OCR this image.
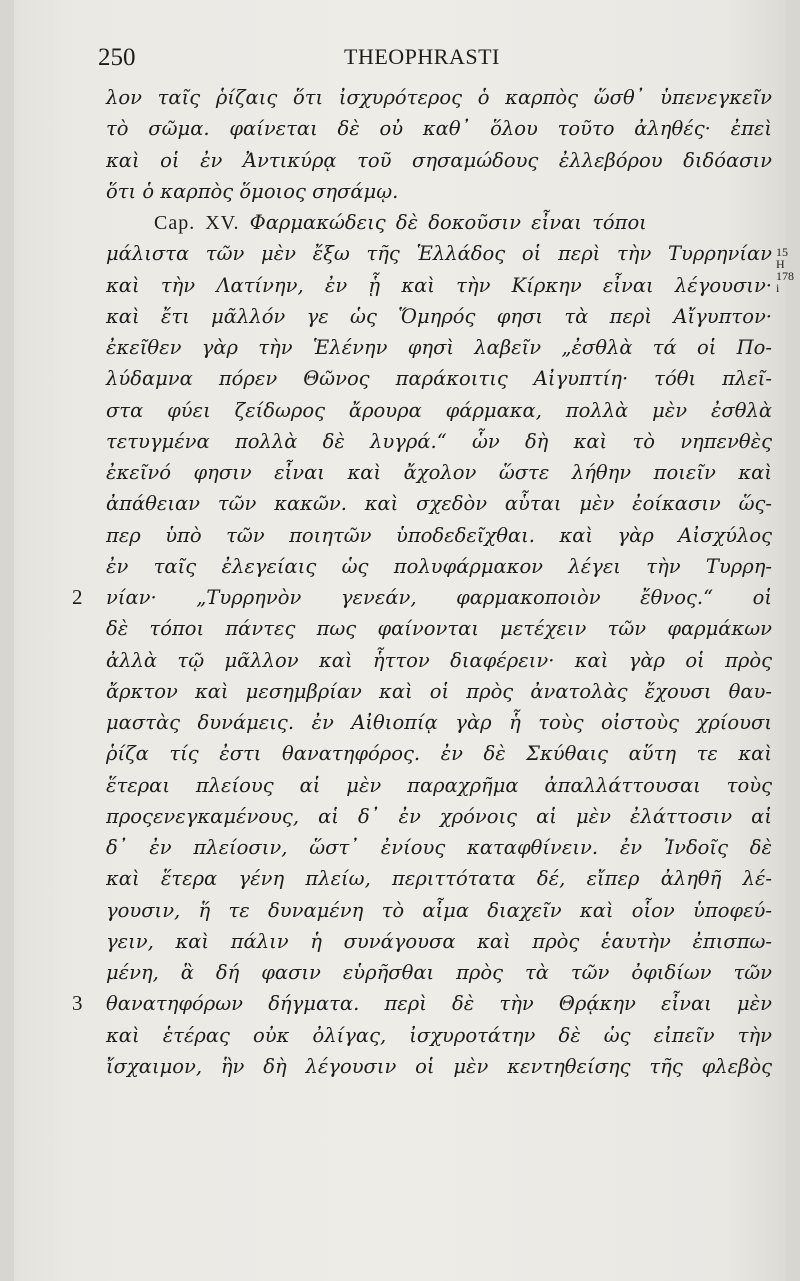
250	THEOPHRASTI
15 H
178 i
λον ταῖς ῥίζαις ὅτι ἰσχυρότερος ὁ καρπὸς ὥσθ᾽ ὑπενεγκεῖν
τὸ σῶμα. φαίνεται δὲ οὐ καθ᾽ ὅλου τοῦτο ἀληθές· ἐπεὶ
καὶ οἱ ἐν Ἀντικύρᾳ τοῦ σησαμώδους ἐλλεβόρου διδόασιν
ὅτι ὁ καρπὸς ὅμοιος σησάμῳ.
Cap. XV. Φαρμακώδεις δὲ δοκοῦσιν εἶναι τόποι
μάλιστα τῶν μὲν ἔξω τῆς Ἑλλάδος οἱ περὶ τὴν Τυρρηνίαν
καὶ τὴν Λατίνην, ἐν ᾗ καὶ τὴν Κίρκην εἶναι λέγουσιν·
καὶ ἔτι μᾶλλόν γε ὡς Ὅμηρός φησι τὰ περὶ Αἴγυπτον·
ἐκεῖθεν γὰρ τὴν Ἑλένην φησὶ λαβεῖν „ἐσθλὰ τά οἱ Πο-
λύδαμνα πόρεν Θῶνος παράκοιτις Αἰγυπτίη· τόθι πλεῖ-
στα φύει ζείδωρος ἄρουρα φάρμακα, πολλὰ μὲν ἐσθλὰ
τετυγμένα πολλὰ δὲ λυγρά.“ ὧν δὴ καὶ τὸ νηπενθὲς
ἐκεῖνό φησιν εἶναι καὶ ἄχολον ὥστε λήθην ποιεῖν καὶ
ἀπάθειαν τῶν κακῶν. καὶ σχεδὸν αὗται μὲν ἐοίκασιν ὥς-
περ ὑπὸ τῶν ποιητῶν ὑποδεδεῖχθαι. καὶ γὰρ Αἰσχύλος
ἐν ταῖς ἐλεγείαις ὡς πολυφάρμακον λέγει τὴν Τυρρη-
2 νίαν· „Τυρρηνὸν γενεάν, φαρμακοποιὸν ἔθνος.“ οἱ
δὲ τόποι πάντες πως φαίνονται μετέχειν τῶν φαρμάκων
ἀλλὰ τῷ μᾶλλον καὶ ἧττον διαφέρειν· καὶ γὰρ οἱ πρὸς
ἄρκτον καὶ μεσημβρίαν καὶ οἱ πρὸς ἀνατολὰς ἔχουσι θαυ-
μαστὰς δυνάμεις. ἐν Αἰθιοπίᾳ γὰρ ἧ τοὺς οἰστοὺς χρίουσι
ῥίζα τίς ἐστι θανατηφόρος. ἐν δὲ Σκύθαις αὕτη τε καὶ
ἕτεραι πλείους αἱ μὲν παραχρῆμα ἀπαλλάττουσαι τοὺς
προςενεγκαμένους, αἱ δ᾽ ἐν χρόνοις αἱ μὲν ἐλάττοσιν αἱ
δ᾽ ἐν πλείοσιν, ὥστ᾽ ἐνίους καταφθίνειν. ἐν Ἰνδοῖς δὲ
καὶ ἕτερα γένη πλείω, περιττότατα δέ, εἴπερ ἀληθῆ λέ-
γουσιν, ἥ τε δυναμένη τὸ αἷμα διαχεῖν καὶ οἷον ὑποφεύ-
γειν, καὶ πάλιν ἡ συνάγουσα καὶ πρὸς ἑαυτὴν ἐπισπω-
μένη, ἃ δή φασιν εὑρῆσθαι πρὸς τὰ τῶν ὀφιδίων τῶν
3 θανατηφόρων δήγματα. περὶ δὲ τὴν Θρᾴκην εἶναι μὲν
καὶ ἑτέρας οὐκ ὀλίγας, ἰσχυροτάτην δὲ ὡς εἰπεῖν τὴν
ἴσχαιμον, ἣν δὴ λέγουσιν οἱ μὲν κεντηθείσης τῆς φλεβὸς
